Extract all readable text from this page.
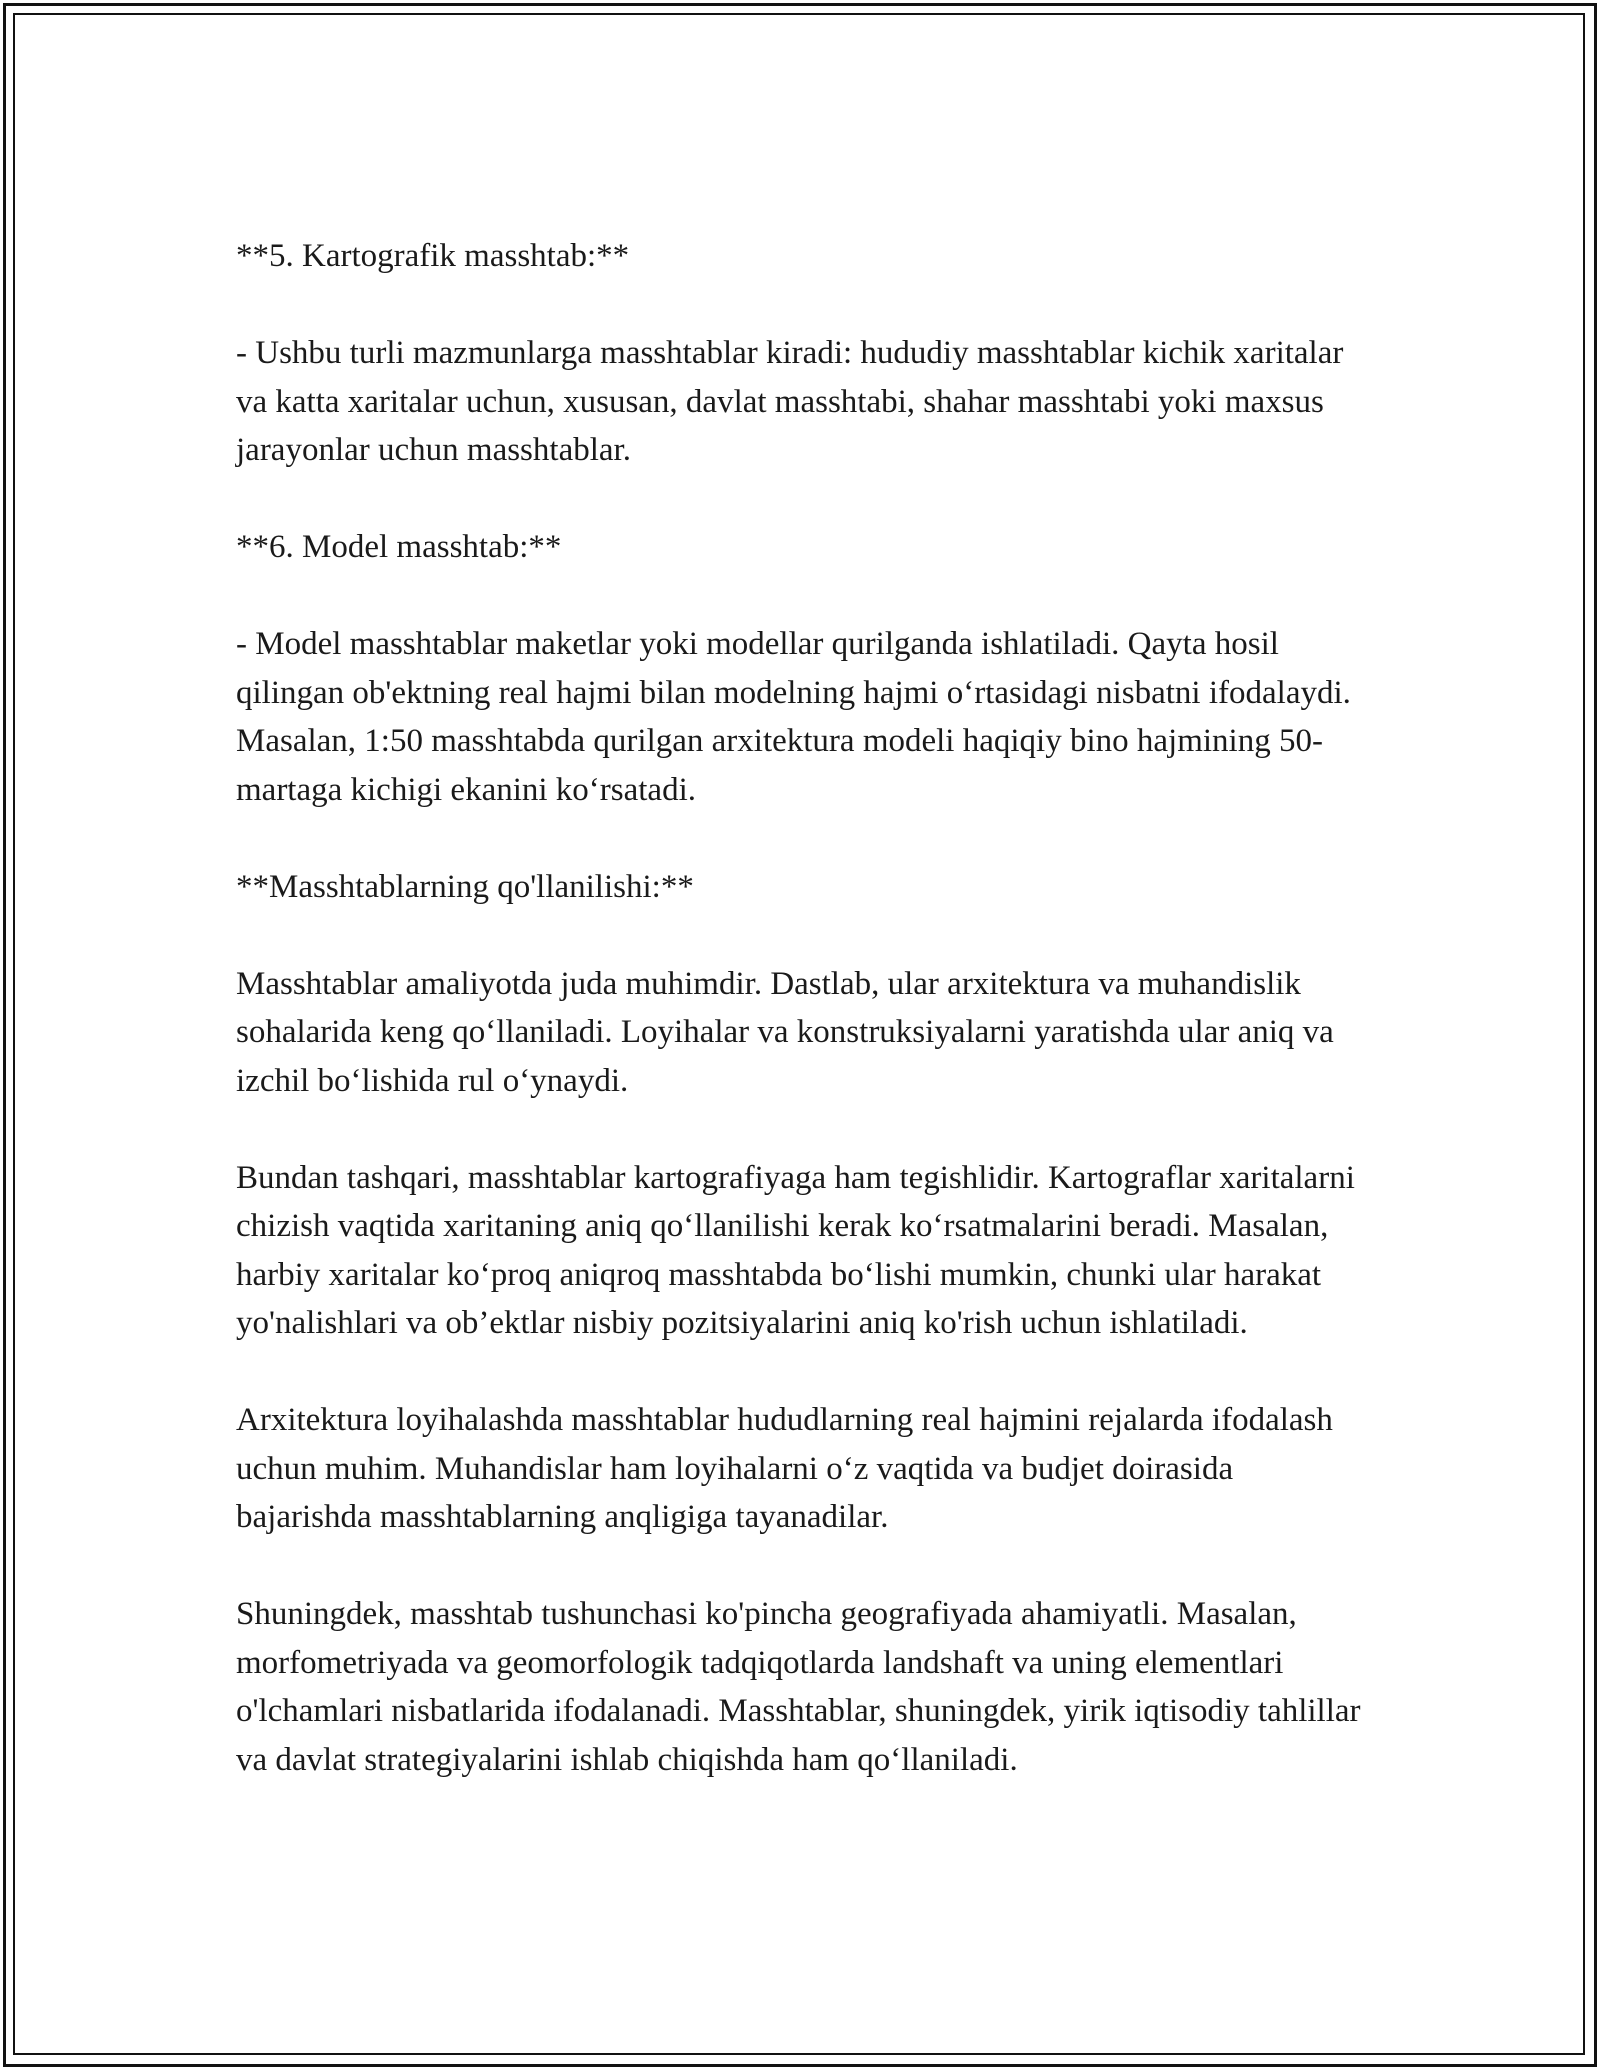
**5. Kartografik masshtab:**
- Ushbu turli mazmunlarga masshtablar kiradi: hududiy masshtablar kichik xaritalar va katta xaritalar uchun, xususan, davlat masshtabi, shahar masshtabi yoki maxsus jarayonlar uchun masshtablar.
**6. Model masshtab:**
- Model masshtablar maketlar yoki modellar qurilganda ishlatiladi. Qayta hosil qilingan ob'ektning real hajmi bilan modelning hajmi o‘rtasidagi nisbatni ifodalaydi. Masalan, 1:50 masshtabda qurilgan arxitektura modeli haqiqiy bino hajmining 50-martaga kichigi ekanini ko‘rsatadi.
**Masshtablarning qo'llanilishi:**
Masshtablar amaliyotda juda muhimdir. Dastlab, ular arxitektura va muhandislik sohalarida keng qo‘llaniladi. Loyihalar va konstruksiyalarni yaratishda ular aniq va izchil bo‘lishida rul o‘ynaydi.
Bundan tashqari, masshtablar kartografiyaga ham tegishlidir. Kartograflar xaritalarni chizish vaqtida xaritaning aniq qo‘llanilishi kerak ko‘rsatmalarini beradi. Masalan, harbiy xaritalar ko‘proq aniqroq masshtabda bo‘lishi mumkin, chunki ular harakat yo'nalishlari va ob’ektlar nisbiy pozitsiyalarini aniq ko'rish uchun ishlatiladi.
Arxitektura loyihalashda masshtablar hududlarning real hajmini rejalarda ifodalash uchun muhim. Muhandislar ham loyihalarni o‘z vaqtida va budjet doirasida bajarishda masshtablarning anqligiga tayanadilar.
Shuningdek, masshtab tushunchasi ko'pincha geografiyada ahamiyatli. Masalan, morfometriyada va geomorfologik tadqiqotlarda landshaft va uning elementlari o'lchamlari nisbatlarida ifodalanadi. Masshtablar, shuningdek, yirik iqtisodiy tahlillar va davlat strategiyalarini ishlab chiqishda ham qo‘llaniladi.
